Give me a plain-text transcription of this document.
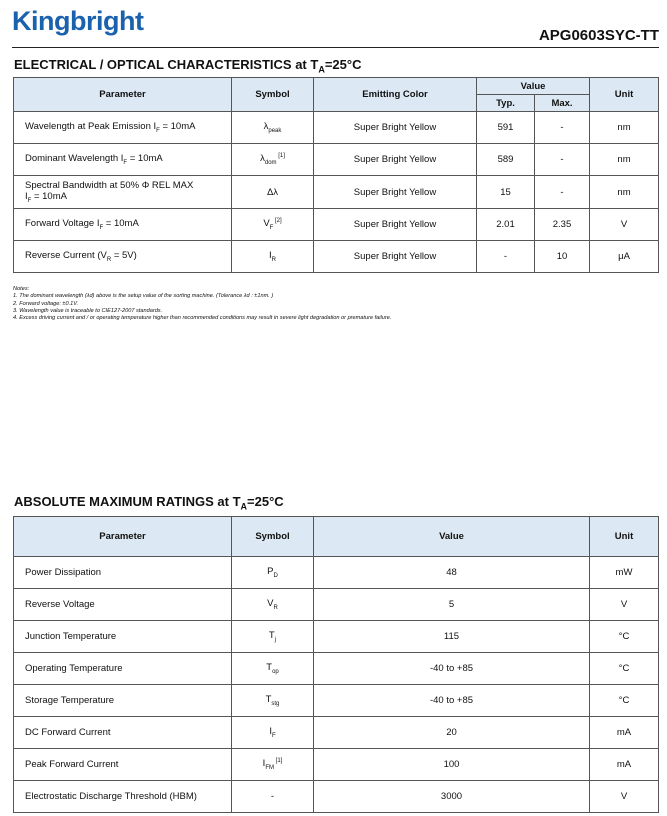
Kingbright	APG0603SYC-TT
ELECTRICAL / OPTICAL CHARACTERISTICS at $T_A=25^\circ C$
Parameter	Symbol	Emitting Color	Value		Unit
			Typ.	Max.	
Wavelength at Peak Emission $I_F = 10mA$	$\lambda_{peak}$	Super Bright Yellow	591	-	nm
Dominant Wavelength $I_F = 10mA$	$\lambda_{dom}$ [1]	Super Bright Yellow	589	-	nm
Spectral Bandwidth at 50% Φ REL MAX
$I_F = 10mA$	Δλ	Super Bright Yellow	15	-	nm
Forward Voltage $I_F = 10mA$	$V_F$ [2]	Super Bright Yellow	2.01	2.35	V
Reverse Current $(V_R = 5V)$	$I_R$	Super Bright Yellow	-	10	μA
Notes:
1. The dominant wavelength (λd) above is the setup value of the sorting machine. (Tolerance λd : ±1nm. )
2. Forward voltage: ±0.1V.
3. Wavelength value is traceable to CIE127-2007 standards.
4. Excess driving current and / or operating temperature higher than recommended conditions may result in severe light degradation or premature failure.
ABSOLUTE MAXIMUM RATINGS at $T_A=25^\circ C$
Parameter	Symbol	Value	Unit
Power Dissipation	$P_D$	48	mW
Reverse Voltage	$V_R$	5	V
Junction Temperature	$T_j$	115	°C
Operating Temperature	$T_{op}$	-40 to +85	°C
Storage Temperature	$T_{stg}$	-40 to +85	°C
DC Forward Current	$I_F$	20	mA
Peak Forward Current	$I_{FM}$ [1]	100	mA
Electrostatic Discharge Threshold (HBM)	-	3000	V
